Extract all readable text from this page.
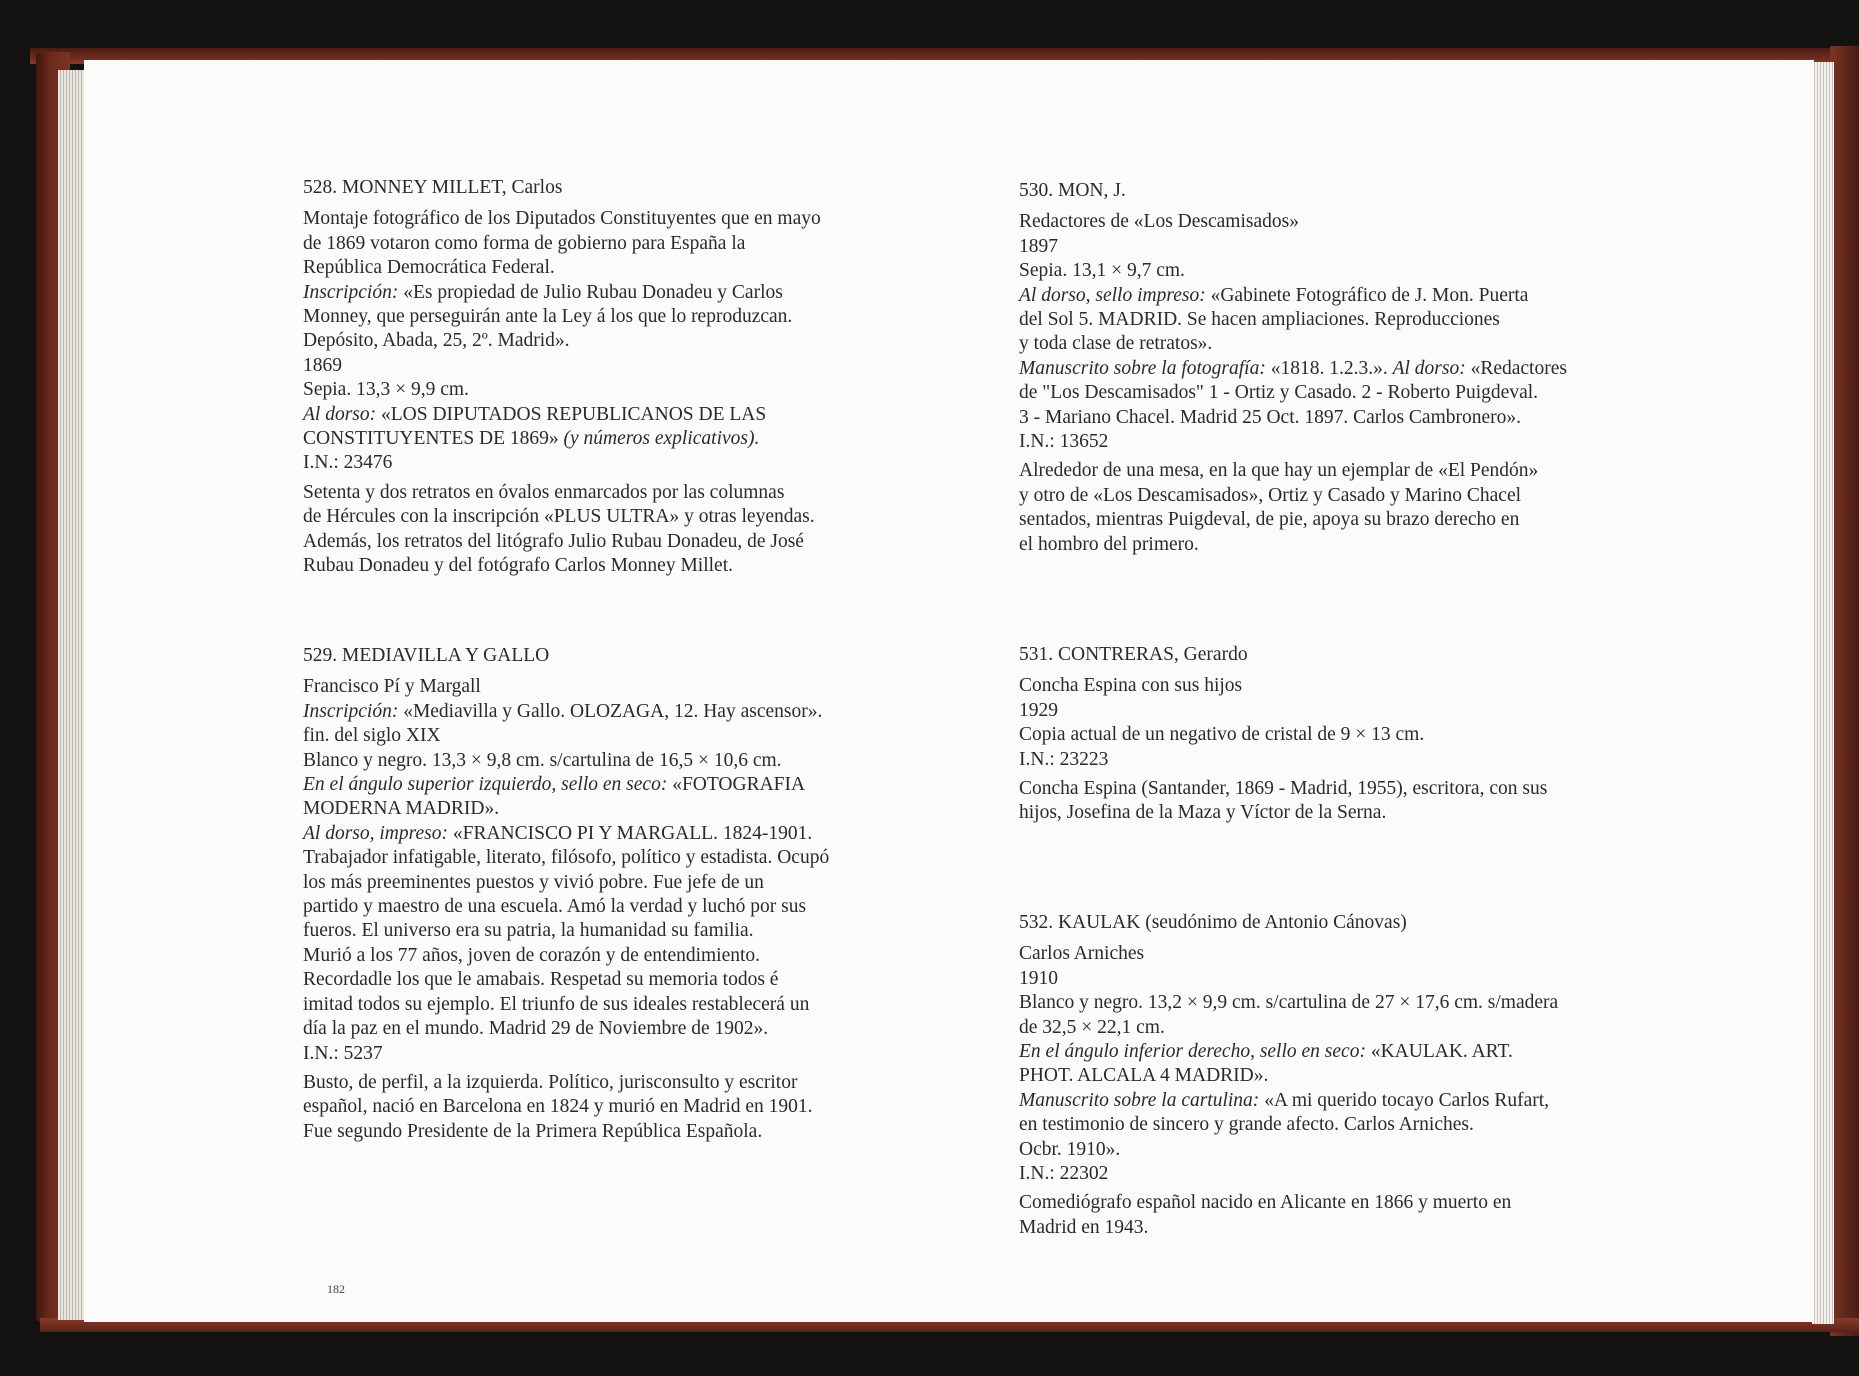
528. MONNEY MILLET, Carlos

Montaje fotográfico de los Diputados Constituyentes que en mayo

de 1869 votaron como forma de gobierno para España la

República Democrática Federal.

Inscripción: «Es propiedad de Julio Rubau Donadeu y Carlos

Monney, que perseguirán ante la Ley á los que lo reproduzcan.

Depósito, Abada, 25, 2º. Madrid».

1869

Sepia. 13,3 × 9,9 cm.

Al dorso: «LOS DIPUTADOS REPUBLICANOS DE LAS

CONSTITUYENTES DE 1869» (y números explicativos).

I.N.: 23476

Setenta y dos retratos en óvalos enmarcados por las columnas

de Hércules con la inscripción «PLUS ULTRA» y otras leyendas.

Además, los retratos del litógrafo Julio Rubau Donadeu, de José

Rubau Donadeu y del fotógrafo Carlos Monney Millet.

529. MEDIAVILLA Y GALLO

Francisco Pí y Margall

Inscripción: «Mediavilla y Gallo. OLOZAGA, 12. Hay ascensor».

fin. del siglo XIX

Blanco y negro. 13,3 × 9,8 cm. s/cartulina de 16,5 × 10,6 cm.

En el ángulo superior izquierdo, sello en seco: «FOTOGRAFIA

MODERNA MADRID».

Al dorso, impreso: «FRANCISCO PI Y MARGALL. 1824-1901.

Trabajador infatigable, literato, filósofo, político y estadista. Ocupó

los más preeminentes puestos y vivió pobre. Fue jefe de un

partido y maestro de una escuela. Amó la verdad y luchó por sus

fueros. El universo era su patria, la humanidad su familia.

Murió a los 77 años, joven de corazón y de entendimiento.

Recordadle los que le amabais. Respetad su memoria todos é

imitad todos su ejemplo. El triunfo de sus ideales restablecerá un

día la paz en el mundo. Madrid 29 de Noviembre de 1902».

I.N.: 5237

Busto, de perfil, a la izquierda. Político, jurisconsulto y escritor

español, nació en Barcelona en 1824 y murió en Madrid en 1901.

Fue segundo Presidente de la Primera República Española.

530. MON, J.

Redactores de «Los Descamisados»

1897

Sepia. 13,1 × 9,7 cm.

Al dorso, sello impreso: «Gabinete Fotográfico de J. Mon. Puerta

del Sol 5. MADRID. Se hacen ampliaciones. Reproducciones

y toda clase de retratos».

Manuscrito sobre la fotografía: «1818. 1.2.3.». Al dorso: «Redactores

de "Los Descamisados" 1 - Ortiz y Casado. 2 - Roberto Puigdeval.

3 - Mariano Chacel. Madrid 25 Oct. 1897. Carlos Cambronero».

I.N.: 13652

Alrededor de una mesa, en la que hay un ejemplar de «El Pendón»

y otro de «Los Descamisados», Ortiz y Casado y Marino Chacel

sentados, mientras Puigdeval, de pie, apoya su brazo derecho en

el hombro del primero.

531. CONTRERAS, Gerardo

Concha Espina con sus hijos

1929

Copia actual de un negativo de cristal de 9 × 13 cm.

I.N.: 23223

Concha Espina (Santander, 1869 - Madrid, 1955), escritora, con sus

hijos, Josefina de la Maza y Víctor de la Serna.

532. KAULAK (seudónimo de Antonio Cánovas)

Carlos Arniches

1910

Blanco y negro. 13,2 × 9,9 cm. s/cartulina de 27 × 17,6 cm. s/madera

de 32,5 × 22,1 cm.

En el ángulo inferior derecho, sello en seco: «KAULAK. ART.

PHOT. ALCALA 4 MADRID».

Manuscrito sobre la cartulina: «A mi querido tocayo Carlos Rufart,

en testimonio de sincero y grande afecto. Carlos Arniches.

Ocbr. 1910».

I.N.: 22302

Comediógrafo español nacido en Alicante en 1866 y muerto en

Madrid en 1943.

182
